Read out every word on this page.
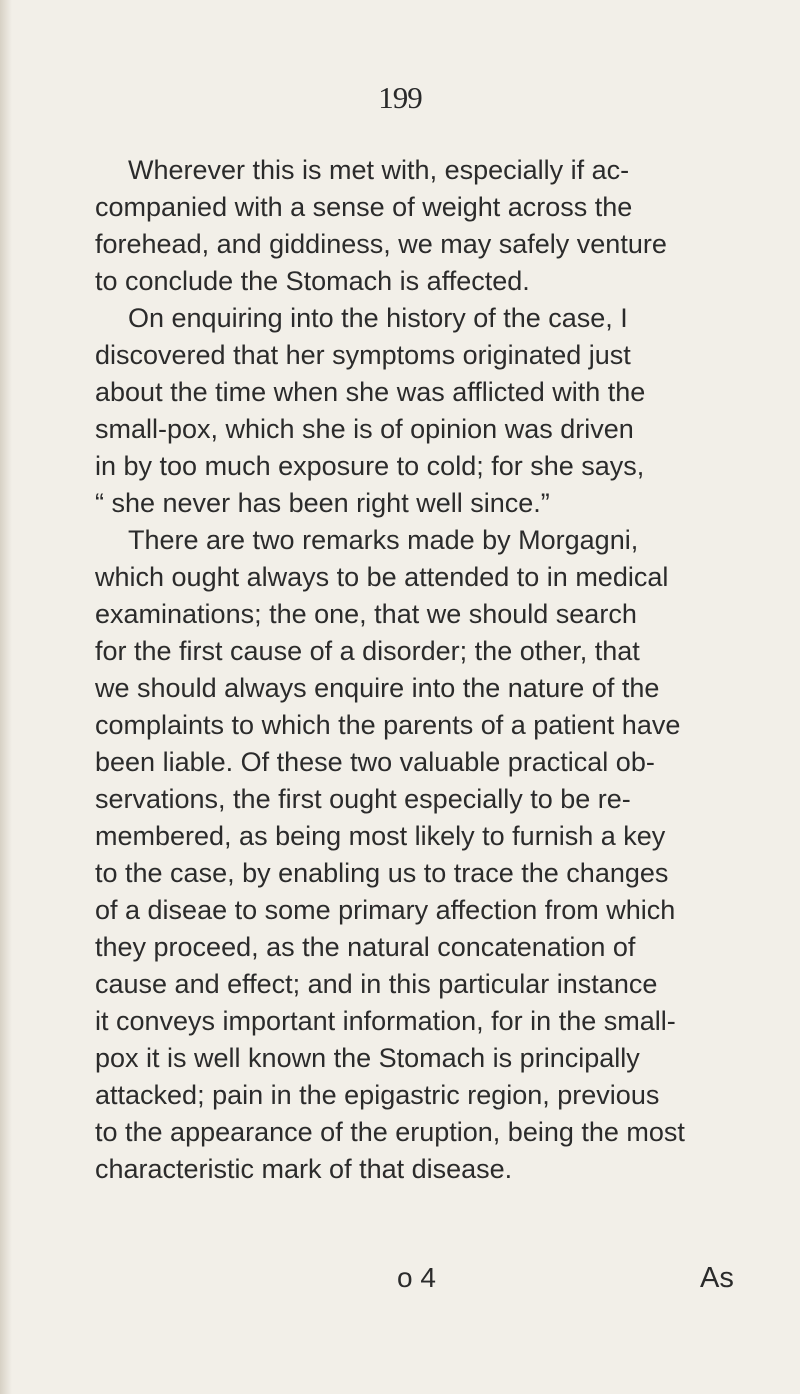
199

Wherever this is met with, especially if ac-

companied with a sense of weight across the

forehead, and giddiness, we may safely venture

to conclude the Stomach is affected.

On enquiring into the history of the case, I

discovered that her symptoms originated just

about the time when she was afflicted with the

small-pox, which she is of opinion was driven

in by too much exposure to cold; for she says,

“ she never has been right well since.”

There are two remarks made by Morgagni,

which ought always to be attended to in medical

examinations; the one, that we should search

for the first cause of a disorder; the other, that

we should always enquire into the nature of the

complaints to which the parents of a patient have

been liable. Of these two valuable practical ob-

servations, the first ought especially to be re-

membered, as being most likely to furnish a key

to the case, by enabling us to trace the changes

of a diseae to some primary affection from which

they proceed, as the natural concatenation of

cause and effect; and in this particular instance

it conveys important information, for in the small-

pox it is well known the Stomach is principally

attacked; pain in the epigastric region, previous

to the appearance of the eruption, being the most

characteristic mark of that disease.

o 4	As
